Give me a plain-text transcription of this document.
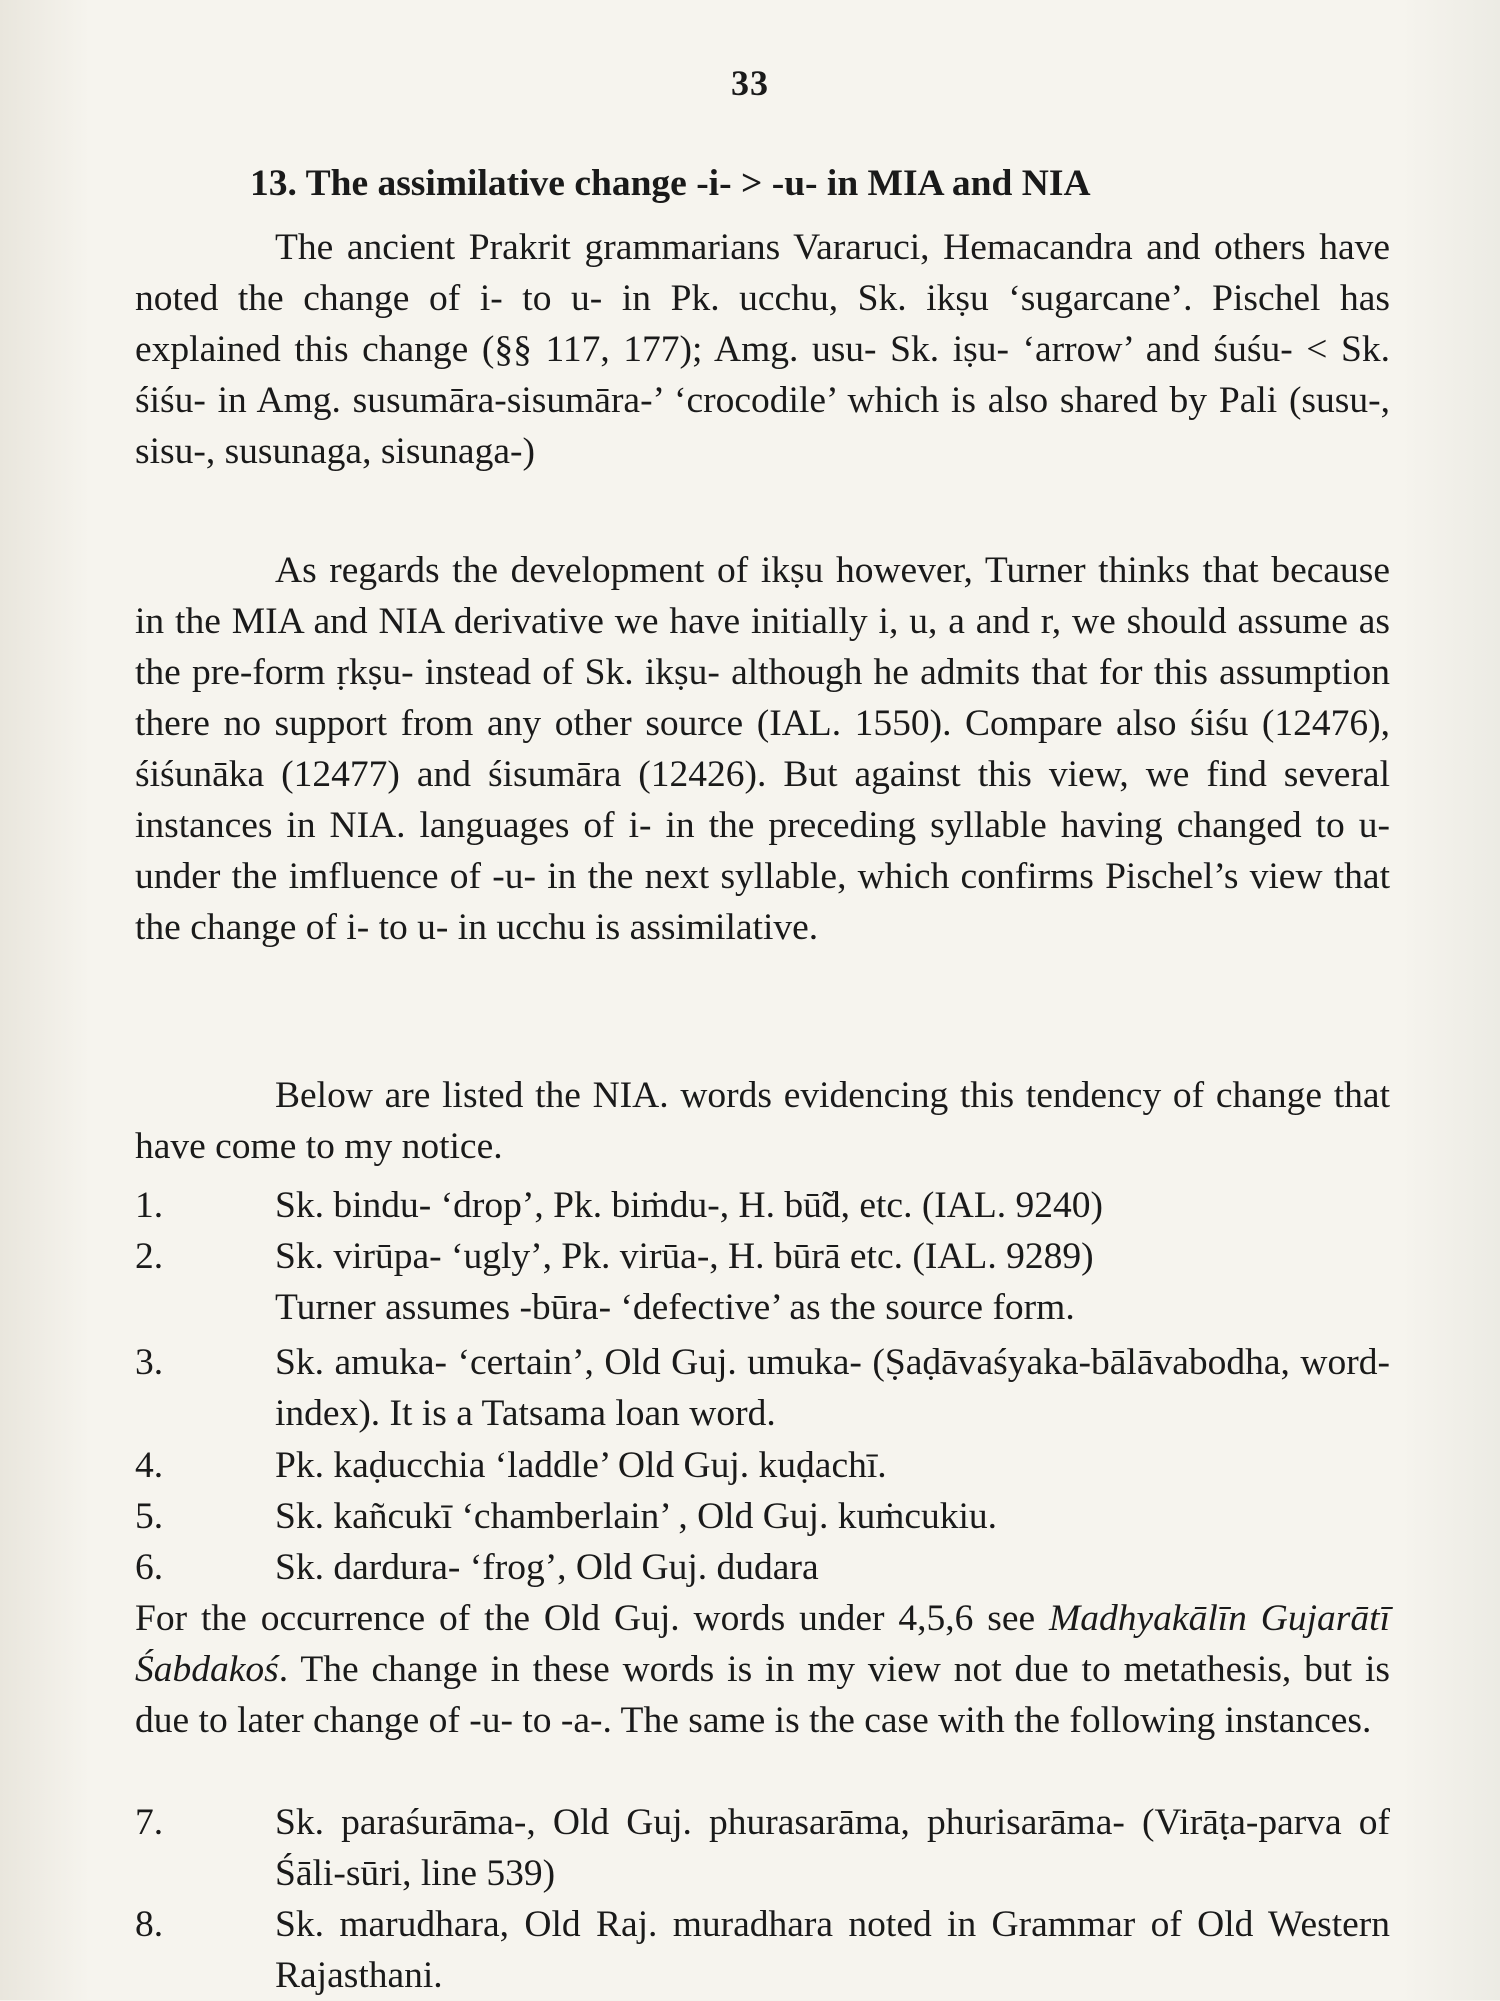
33
13. The assimilative change -i- > -u- in MIA and NIA

The ancient Prakrit grammarians Vararuci, Hemacandra and others have noted the change of i- to u- in Pk. ucchu, Sk. ikṣu ‘sugarcane’. Pischel has explained this change (§§ 117, 177); Amg. usu- Sk. iṣu- ‘arrow’ and śuśu- < Sk. śiśu- in Amg. susumāra-sisumāra-’ ‘crocodile’ which is also shared by Pali (susu-, sisu-, susunaga, sisunaga-)

As regards the development of ikṣu however, Turner thinks that because in the MIA and NIA derivative we have initially i, u, a and r, we should assume as the pre-form ṛkṣu- instead of Sk. ikṣu- although he admits that for this assumption there no support from any other source (IAL. 1550). Compare also śiśu (12476), śiśunāka (12477) and śisumāra (12426). But against this view, we find several instances in NIA. languages of i- in the preceding syllable having changed to u- under the imfluence of -u- in the next syllable, which confirms Pischel’s view that the change of i- to u- in ucchu is assimilative.

Below are listed the NIA. words evidencing this tendency of change that have come to my notice.

1.	Sk. bindu- ‘drop’, Pk. biṁdu-, H. bū̃d, etc. (IAL. 9240)
2.	Sk. virūpa- ‘ugly’, Pk. virūa-, H. būrā etc. (IAL. 9289)
Turner assumes -būra- ‘defective’ as the source form.
3.	Sk. amuka- ‘certain’, Old Guj. umuka- (Ṣaḍāvaśyaka-bālāvabodha, word-index). It is a Tatsama loan word.
4.	Pk. kaḍucchia ‘laddle’ Old Guj. kuḍachī.
5.	Sk. kañcukī ‘chamberlain’ , Old Guj. kuṁcukiu.
6.	Sk. dardura- ‘frog’, Old Guj. dudara
For the occurrence of the Old Guj. words under 4,5,6 see Madhyakālīn Gujarātī Śabdakoś. The change in these words is in my view not due to metathesis, but is due to later change of -u- to -a-. The same is the case with the following instances.
7.	Sk. paraśurāma-, Old Guj. phurasarāma, phurisarāma- (Virāṭa-parva of Śāli-sūri, line 539)
8.	Sk. marudhara, Old Raj. muradhara noted in Grammar of Old Western Rajasthani.
